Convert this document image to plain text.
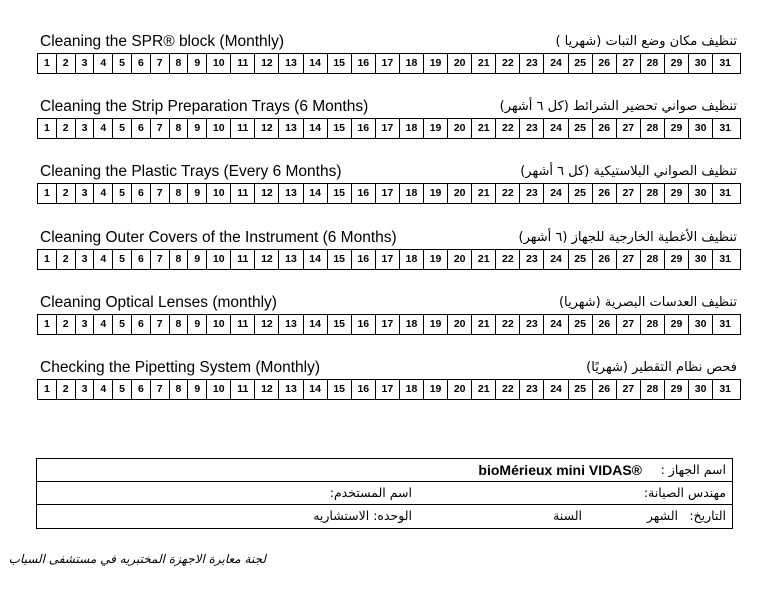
Cleaning the SPR® block (Monthly)	تنظيف مكان وضع التبات (شهريا )
1	2	3	4	5	6	7	8	9	10	11	12	13	14	15	16	17	18	19	20	21	22	23	24	25	26	27	28	29	30	31
Cleaning the Strip Preparation Trays (6 Months)	تنظيف صواني تحضير الشرائط (كل ٦ أشهر)
1	2	3	4	5	6	7	8	9	10	11	12	13	14	15	16	17	18	19	20	21	22	23	24	25	26	27	28	29	30	31
Cleaning the Plastic Trays (Every 6 Months)	تنظيف الصواني البلاستيكية (كل ٦ أشهر)
1	2	3	4	5	6	7	8	9	10	11	12	13	14	15	16	17	18	19	20	21	22	23	24	25	26	27	28	29	30	31
Cleaning Outer Covers of the Instrument (6 Months)	تنظيف الأغطية الخارجية للجهاز (٦ أشهر)
1	2	3	4	5	6	7	8	9	10	11	12	13	14	15	16	17	18	19	20	21	22	23	24	25	26	27	28	29	30	31
Cleaning Optical Lenses (monthly)	تنظيف العدسات البصرية (شهريا)
1	2	3	4	5	6	7	8	9	10	11	12	13	14	15	16	17	18	19	20	21	22	23	24	25	26	27	28	29	30	31
Checking the Pipetting System (Monthly)	فحص نظام التقطير (شهريًا)
1	2	3	4	5	6	7	8	9	10	11	12	13	14	15	16	17	18	19	20	21	22	23	24	25	26	27	28	29	30	31
اسم الجهاز :
bioMérieux mini VIDAS®
مهندس الصيانة:
اسم المستخدم:
التاريخ:
الشهر
السنة
الوحده: الاستشاريه
لجنة معايرة الاجهزة المختبريه في مستشفى السياب
